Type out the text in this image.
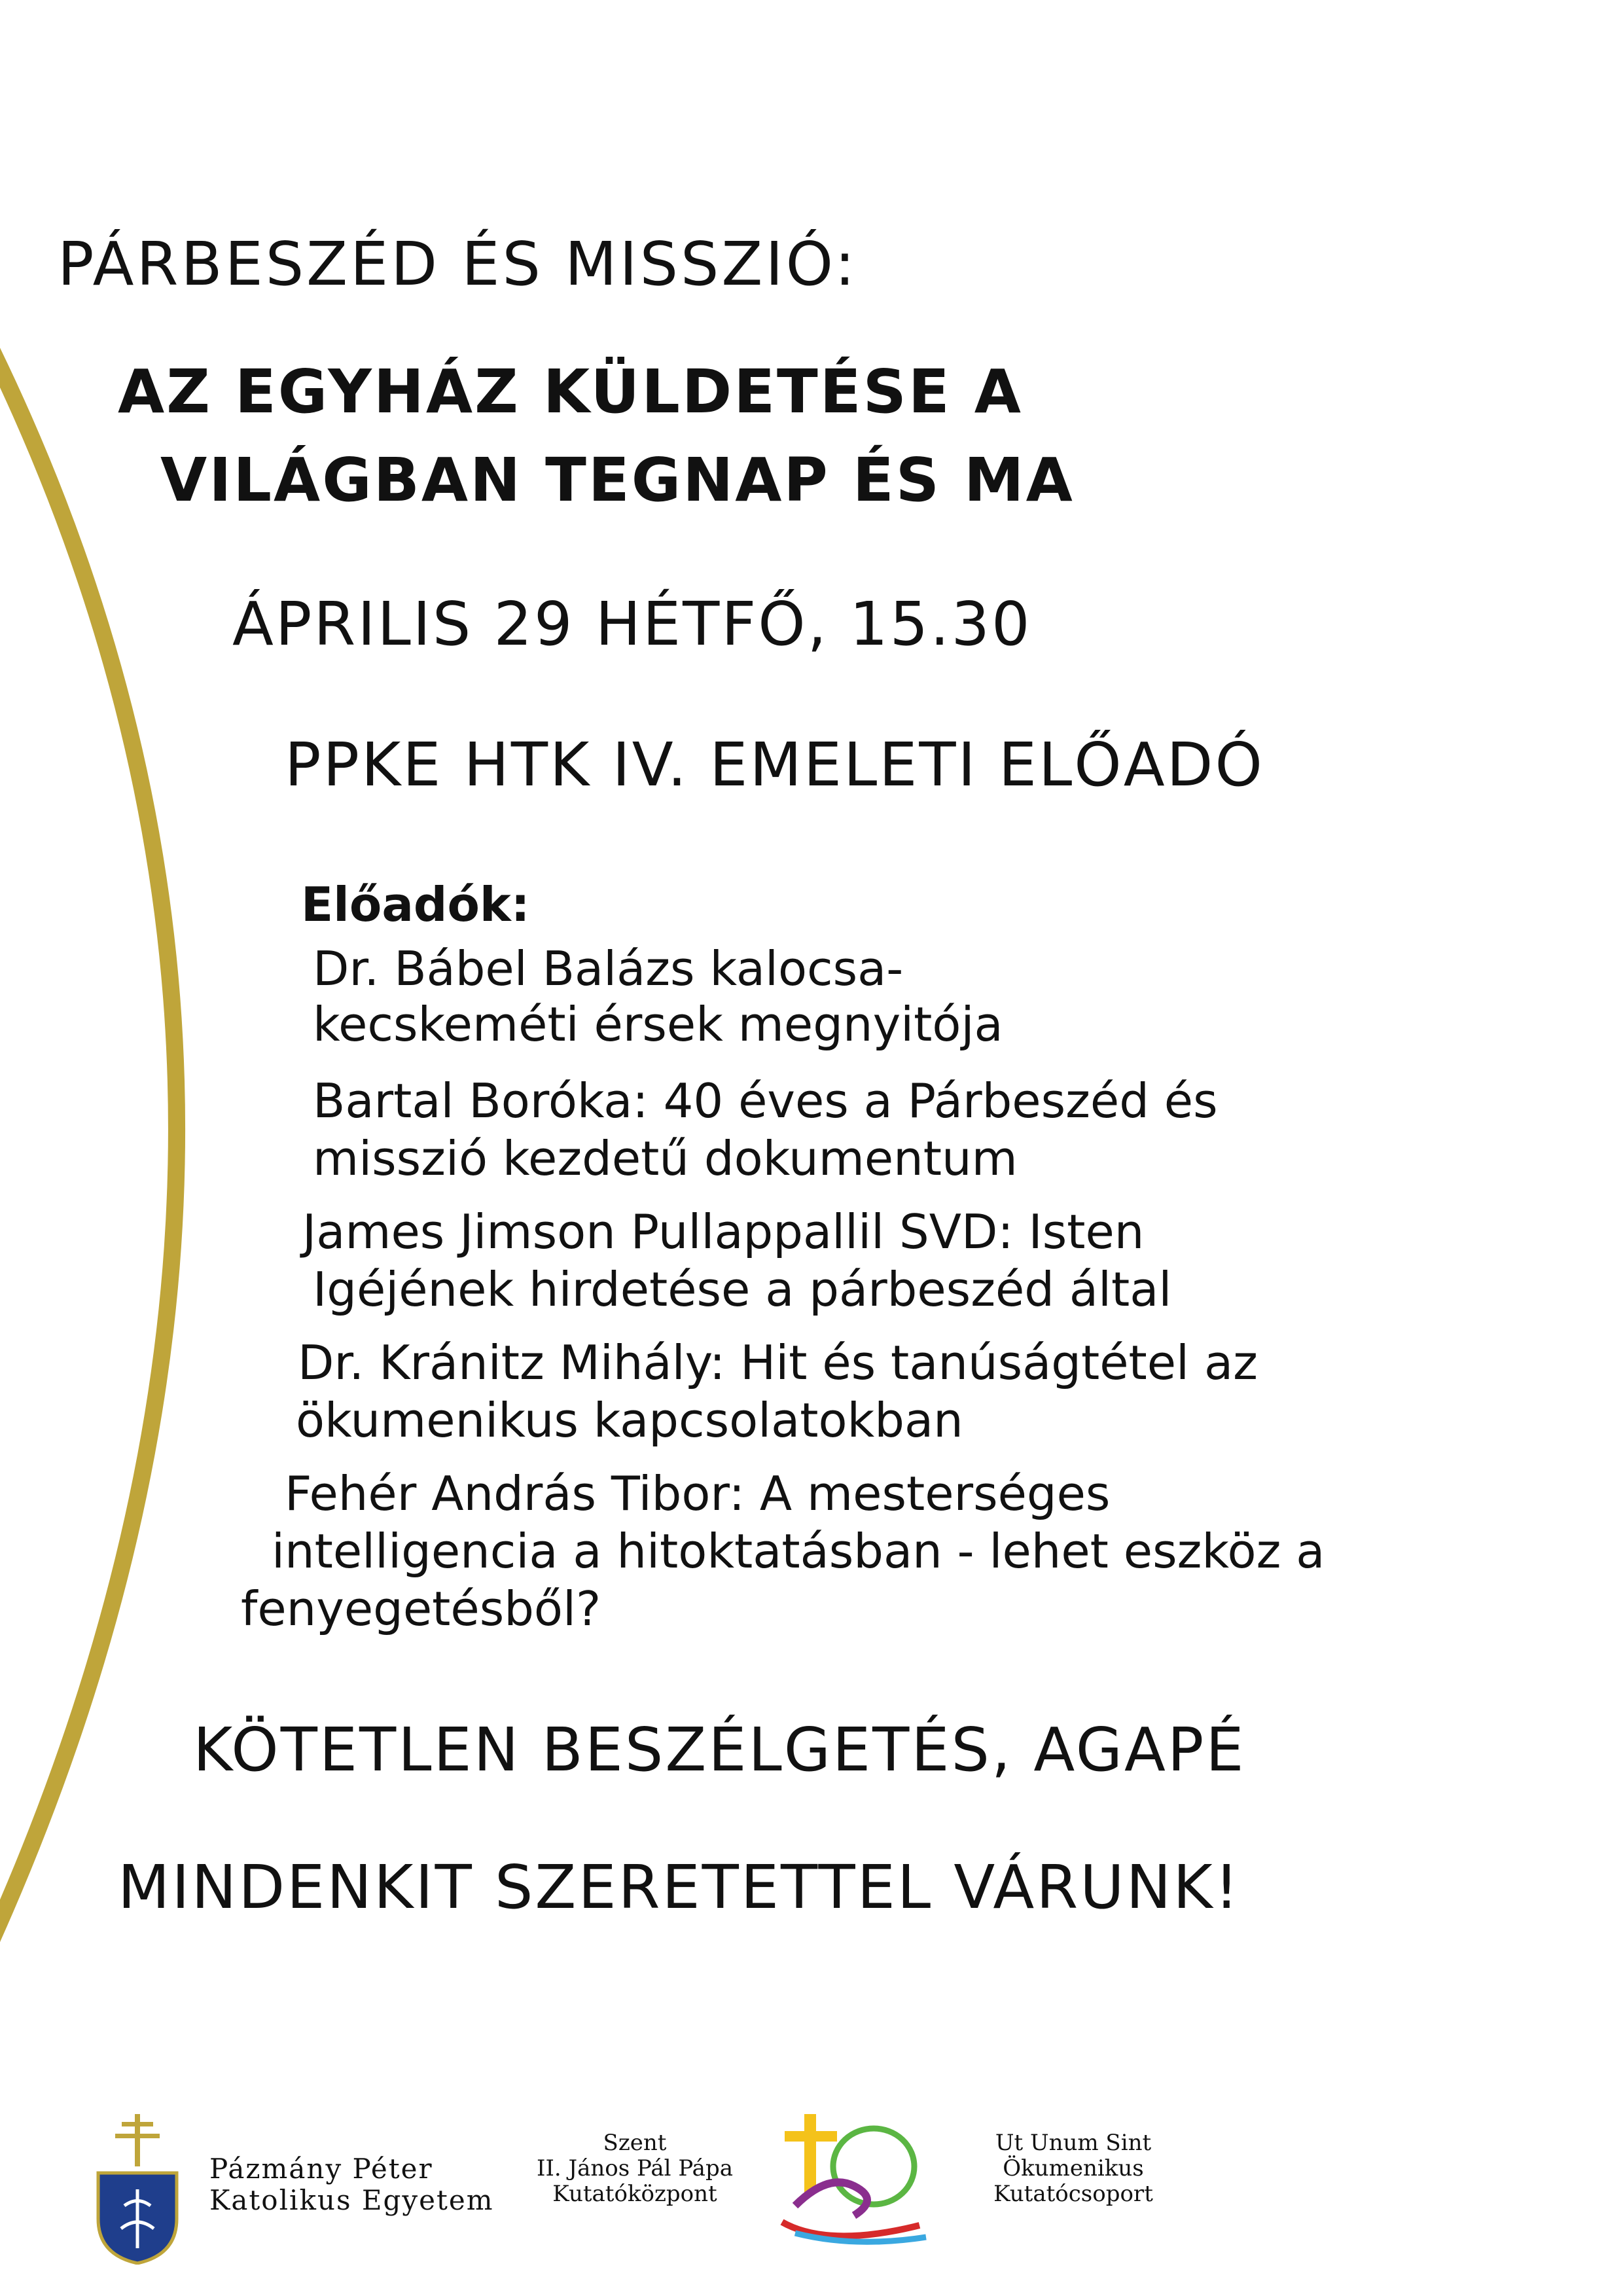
PÁRBESZÉD ÉS MISSZIÓ:
AZ EGYHÁZ KÜLDETÉSE A
VILÁGBAN TEGNAP ÉS MA
ÁPRILIS 29 HÉTFŐ, 15.30
PPKE HTK IV. EMELETI ELŐADÓ
Előadók:
Dr. Bábel Balázs kalocsa-
kecskeméti érsek megnyitója
Bartal Boróka: 40 éves a Párbeszéd és
misszió kezdetű dokumentum
James Jimson Pullappallil SVD: Isten
Igéjének hirdetése a párbeszéd által
Dr. Kránitz Mihály: Hit és tanúságtétel az
ökumenikus kapcsolatokban
Fehér András Tibor: A mesterséges
intelligencia a hitoktatásban - lehet eszköz a
fenyegetésből?
KÖTETLEN BESZÉLGETÉS, AGAPÉ
MINDENKIT SZERETETTEL VÁRUNK!
Pázmány Péter
Katolikus Egyetem
Szent
II. János Pál Pápa
Kutatóközpont
Ut Unum Sint
Ökumenikus
Kutatócsoport
